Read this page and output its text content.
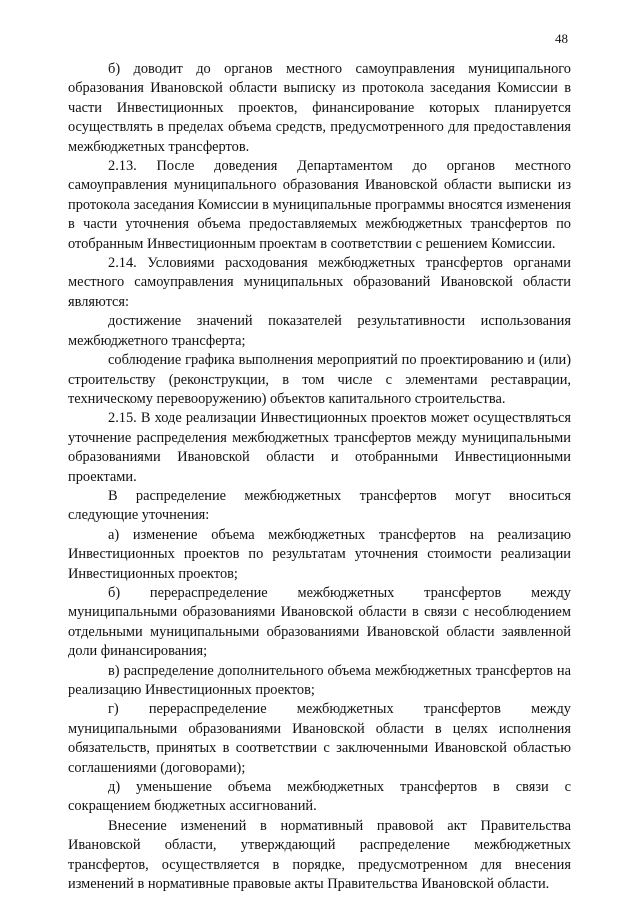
48

б) доводит до органов местного самоуправления муниципального образования Ивановской области выписку из протокола заседания Комиссии в части Инвестиционных проектов, финансирование которых планируется осуществлять в пределах объема средств, предусмотренного для предоставления межбюджетных трансфертов.

2.13. После доведения Департаментом до органов местного самоуправления муниципального образования Ивановской области выписки из протокола заседания Комиссии в муниципальные программы вносятся изменения в части уточнения объема предоставляемых межбюджетных трансфертов по отобранным Инвестиционным проектам в соответствии с решением Комиссии.

2.14. Условиями расходования межбюджетных трансфертов органами местного самоуправления муниципальных образований Ивановской области являются:

достижение значений показателей результативности использования межбюджетного трансферта;

соблюдение графика выполнения мероприятий по проектированию и (или) строительству (реконструкции, в том числе с элементами реставрации, техническому перевооружению) объектов капитального строительства.

2.15. В ходе реализации Инвестиционных проектов может осуществляться уточнение распределения межбюджетных трансфертов между муниципальными образованиями Ивановской области и отобранными Инвестиционными проектами.

В распределение межбюджетных трансфертов могут вноситься следующие уточнения:

а) изменение объема межбюджетных трансфертов на реализацию Инвестиционных проектов по результатам уточнения стоимости реализации Инвестиционных проектов;

б) перераспределение межбюджетных трансфертов между муниципальными образованиями Ивановской области в связи с несоблюдением отдельными муниципальными образованиями Ивановской области заявленной доли финансирования;

в) распределение дополнительного объема межбюджетных трансфертов на реализацию Инвестиционных проектов;

г) перераспределение межбюджетных трансфертов между муниципальными образованиями Ивановской области в целях исполнения обязательств, принятых в соответствии с заключенными Ивановской областью соглашениями (договорами);

д) уменьшение объема межбюджетных трансфертов в связи с сокращением бюджетных ассигнований.

Внесение изменений в нормативный правовой акт Правительства Ивановской области, утверждающий распределение межбюджетных трансфертов, осуществляется в порядке, предусмотренном для внесения изменений в нормативные правовые акты Правительства Ивановской области.
